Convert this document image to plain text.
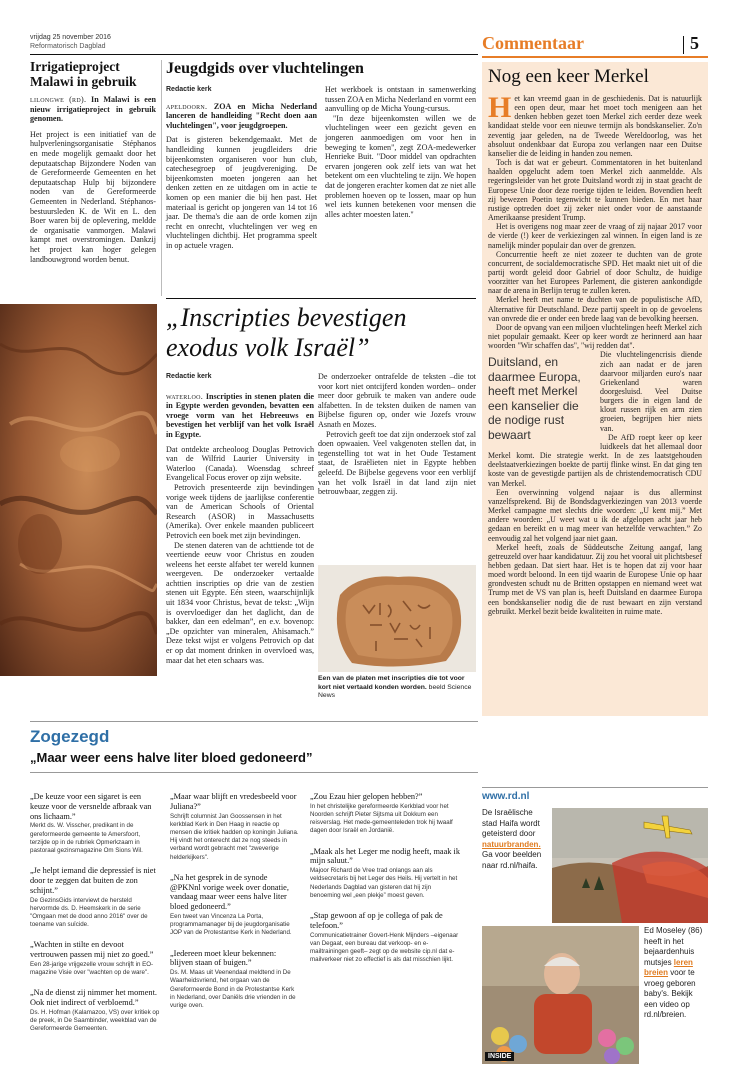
vrijdag 25 november 2016
Reformatorisch Dagblad	Commentaar	5
Irrigatieproject
Malawi in gebruik

lilongwe (rd). In Malawi is een nieuw irrigatieproject in gebruik genomen.

Het project is een initiatief van de hulpverleningsorganisatie Stéphanos en mede mogelijk gemaakt door het deputaatschap Bijzondere Noden van de Gereformeerde Gemeenten en het deputaatschap Hulp bij bijzondere noden van de Gereformeerde Gemeenten in Nederland. Stéphanos-bestuursleden K. de Wit en L. den Boer waren bij de oplevering, meldde de organisatie vanmorgen. Malawi kampt met overstromingen. Dankzij het project kan hoger gelegen landbouwgrond worden benut.

Jeugdgids over vluchtelingen
Redactie kerk

apeldoorn. ZOA en Micha Nederland lanceren de handleiding "Recht doen aan vluchtelingen", voor jeugdgroepen.

Dat is gisteren bekendgemaakt. Met de handleiding kunnen jeugdleiders drie bijeenkomsten organiseren voor hun club, catechesegroep of jeugdvereniging. De bijeenkomsten moeten jongeren aan het denken zetten en ze uitdagen om in actie te komen op een manier die bij hen past. Het materiaal is gericht op jongeren van 14 tot 16 jaar. De thema's die aan de orde komen zijn recht en onrecht, vluchtelingen ver weg en vluchtelingen dichtbij. Het programma speelt in op actuele vragen.

Het werkboek is ontstaan in samenwerking tussen ZOA en Micha Nederland en vormt een aanvulling op de Micha Young-cursus.

"In deze bijeenkomsten willen we de vluchtelingen weer een gezicht geven en jongeren aanmoedigen om voor hen in beweging te komen", zegt ZOA-medewerker Henrieke Buit. "Door middel van opdrachten ervaren jongeren ook zelf iets van wat het betekent om een vluchteling te zijn. We hopen dat de jongeren erachter komen dat ze niet alle problemen hoeven op te lossen, maar op hun wel iets kunnen betekenen voor mensen die alles achter moesten laten."

„Inscripties bevestigen
exodus volk Israël”
Redactie kerk

waterloo. Inscripties in stenen platen die in Egypte werden gevonden, bevatten een vroege vorm van het Hebreeuws en bevestigen het verblijf van het volk Israël in Egypte.

Dat ontdekte archeoloog Douglas Petrovich van de Wilfrid Laurier University in Waterloo (Canada). Woensdag schreef Evangelical Focus erover op zijn website.

Petrovich presenteerde zijn bevindingen vorige week tijdens de jaarlijkse conferentie van de American Schools of Oriental Research (ASOR) in Massachusetts (Amerika). Over enkele maanden publiceert Petrovich een boek met zijn bevindingen.

De stenen dateren van de achttiende tot de veertiende eeuw voor Christus en zouden weleens het eerste alfabet ter wereld kunnen weergeven. De onderzoeker vertaalde achttien inscripties op drie van de zestien stenen uit Egypte. Eén steen, waarschijnlijk uit 1834 voor Christus, bevat de tekst: „Wijn is overvloediger dan het daglicht, dan de bakker, dan een edelman”, en e.v. bovenop: „De opzichter van mineralen, Ahisamach.” Deze tekst wijst er volgens Petrovich op dat er op dat moment drinken in overvloed was, maar dat het eten schaars was.

De onderzoeker ontrafelde de teksten –die tot voor kort niet ontcijferd konden worden– onder meer door gebruik te maken van andere oude alfabetten. In de teksten duiken de namen van Bijbelse figuren op, onder wie Jozefs vrouw Asnath en Mozes.

Petrovich geeft toe dat zijn onderzoek stof zal doen opwaaien. Veel vakgenoten stellen dat, in tegenstelling tot wat in het Oude Testament staat, de Israëlieten niet in Egypte hebben geleefd. De Bijbelse gegevens voor een verblijf van het volk Israël in dat land zijn niet betrouwbaar, zeggen zij.

Een van de platen met inscripties die tot voor kort niet vertaald konden worden. beeld Science News
Nog een keer Merkel

Het kan vreemd gaan in de geschiedenis. Dat is natuurlijk een open deur, maar het moet toch menigeen aan het denken hebben gezet toen Merkel zich eerder deze week kandidaat stelde voor een nieuwe termijn als bondskanselier. Zo'n zeventig jaar geleden, na de Tweede Wereldoorlog, was het absoluut ondenkbaar dat Europa zou verlangen naar een Duitse kanselier die de leiding in handen zou nemen.

Toch is dat wat er gebeurt. Commentatoren in het buitenland haalden opgelucht adem toen Merkel zich aanmeldde. Als regeringsleider van het grote Duitsland wordt zij in staat geacht de Europese Unie door deze roerige tijden te leiden. Bovendien heeft zij bewezen Poetin tegenwicht te kunnen bieden. En met haar rustige optreden doet zij zeker niet onder voor de aanstaande Amerikaanse president Trump.

Het is overigens nog maar zeer de vraag of zij najaar 2017 voor de vierde (!) keer de verkiezingen zal winnen. In eigen land is ze namelijk minder populair dan over de grenzen.

Concurrentie heeft ze niet zozeer te duchten van de grote concurrent, de socialdemocratische SPD. Het maakt niet uit of die partij wordt geleid door Gabriel of door Schultz, de huidige voorzitter van het Europees Parlement, die gisteren aankondigde naar de arena in Berlijn terug te zullen keren.

Merkel heeft met name te duchten van de populistische AfD, Alternative für Deutschland. Deze partij speelt in op de gevoelens van onvrede die er onder een brede laag van de bevolking heersen.

Door de opvang van een miljoen vluchtelingen heeft Merkel zich niet populair gemaakt. Keer op keer wordt ze herinnerd aan haar woorden "Wir schaffen das", "wij redden dat".

Duitsland, en daarmee Europa, heeft met Merkel een kanselier die de nodige rust bewaart

Die vluchtelingencrisis diende zich aan nadat er de jaren daarvoor miljarden euro's naar Griekenland waren doorgesluisd. Veel Duitse burgers die in eigen land de klout russen rijk en arm zien groeien, begrijpen hier niets van.

De AfD roept keer op keer luidkeels dat het allemaal door Merkel komt. Die strategie werkt. In de zes laatstgehouden deelstaatverkiezingen boekte de partij flinke winst. En dat ging ten koste van de gevestigde partijen als de christendemocratisch CDU van Merkel.

Een overwinning volgend najaar is dus allerminst vanzelfsprekend. Bij de Bondsdagverkiezingen van 2013 voerde Merkel campagne met slechts drie woorden: „U kent mij.” Met andere woorden: „U weet wat u ik de afgelopen acht jaar heb gedaan en bereikt en u mag meer van hetzelfde verwachten.” Zo eenvoudig zal het volgend jaar niet gaan.

Merkel heeft, zoals de Süddeutsche Zeitung aangaf, lang getreuzeld over haar kandidatuur. Zij zou het vooral uit plichtsbesef hebben gedaan. Dat siert haar. Het is te hopen dat zij voor haar moed wordt beloond. In een tijd waarin de Europese Unie op haar grondvesten schudt nu de Britten opstappen en niemand weet wat Trump met de VS van plan is, heeft Duitsland en daarmee Europa een bondskanselier nodig die de rust bewaart en zijn verstand gebruikt. Merkel bezit beide kwaliteiten in ruime mate.

Zogezegd
„Maar weer eens halve liter bloed gedoneerd”
„De keuze voor een sigaret is een keuze voor de versnelde afbraak van ons lichaam.”
Merkt ds. W. Visscher, predikant in de gereformeerde gemeente te Amersfoort, terzijde op in de rubriek Opmerkzaam in pastoraal gezinsmagazine Om Sions Wil.
„Je helpt iemand die depressief is niet door te zeggen dat buiten de zon schijnt.”
De GezinsGids interviewt de hersteld hervormde ds. D. Heemskerk in de serie "Omgaan met de dood anno 2016" over de toename van suïcide.
„Wachten in stilte en devoot vertrouwen passen mij niet zo goed.”
Een 28-jarige vrijgezelle vrouw schrijft in EO-magazine Visie over "wachten op de ware".
„Na de dienst zij nimmer het moment. Ook niet indirect of verbloemd.”
Ds. H. Hofman (Kalamazoo, VS) over kritiek op de preek, in De Saambinder, weekblad van de Gereformeerde Gemeenten.
„Maar waar blijft en vredesbeeld voor Juliana?”
Schrijft columnist Jan Goossensen in het kerkblad Kerk in Den Haag in reactie op mensen die kritiek hadden op koningin Juliana. Hij vindt het onterecht dat ze nog steeds in verband wordt gebracht met "zweverige helderkijkers".
„Na het gesprek in de synode @PKNnl vorige week over donatie, vandaag maar weer eens halve liter bloed gedoneerd.”
Een tweet van Vincenza La Porta, programmamanager bij de jeugdorganisatie JOP van de Protestantse Kerk in Nederland.
„Iedereen moet kleur bekennen: blijven staan of buigen.”
Ds. M. Maas uit Veenendaal meldtend in De Waarheidsvriend, het orgaan van de Gereformeerde Bond in de Protestantse Kerk in Nederland, over Daniëls drie vrienden in de vurige oven.
„Zou Ezau hier gelopen hebben?”
In het christelijke gereformeerde Kerkblad voor het Noorden schrijft Pieter Sijtsma uit Dokkum een reisverslag. Het mede-gemeenteleden trok hij twaalf dagen door Israël en Jordanië.
„Maak als het Leger me nodig heeft, maak ik mijn saluut.”
Majoor Richard de Vree trad onlangs aan als veldsecretaris bij het Leger des Heils. Hij vertelt in het Nederlands Dagblad van gisteren dat hij zijn benoeming wel „een plekje” moest geven.
„Stap gewoon af op je collega of pak de telefoon.”
Communicatietrainer Govert-Henk Mijnders –eigenaar van Degaat, een bureau dat verkoop- en e-mailtrainingen geeft– zegt op de website cip.nl dat e-mailverkeer niet zo effectief is als dat misschien lijkt.
www.rd.nl
De Israëlische stad Haifa wordt geteisterd door natuurbranden. Ga voor beelden naar rd.nl/haifa.
INSIDE
Ed Moseley (86) heeft in het bejaardenhuis mutsjes leren breien voor te vroeg geboren baby's. Bekijk een video op rd.nl/breien.
